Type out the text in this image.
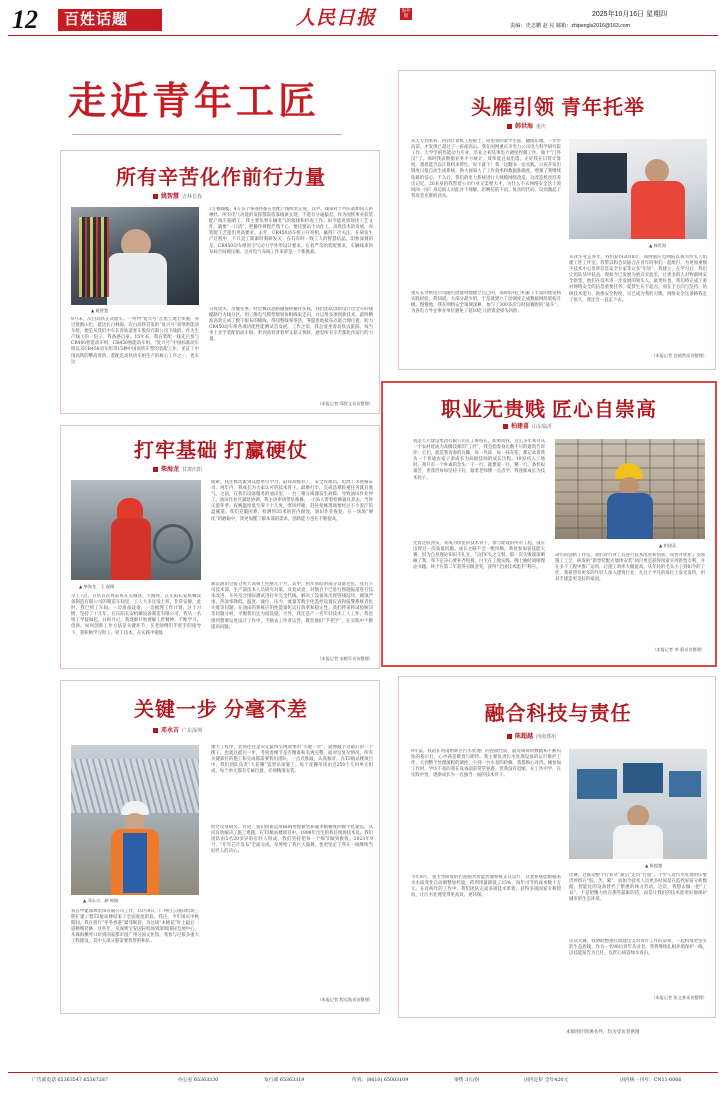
12	百姓话题	人民日报	海外版	2025年10月16日 星期四
责编：史志鹏 赵 晃 邮箱：zhipengls2016@163.com
走近青年工匠
所有辛苦化作前行力量
姚智慧 吉林长春
▲ 姚智慧
9月末，次白高铁正式通车。一列列“复兴号”在黑土地上疾驰，穿过渡鹤山色，抵达长白林海。次白高铁首发的“复兴号”高寒智能动车组，便是从我们中车长春轨道客车股份有限公司下线的。作为生产线上的一份子，我备感自豪。15年来，我在装配一线先后参与CR400智能动车组、CR450智能动车组、“复兴号”中国标准动车组以及CR450动车组等15种中国高铁车型的装配工作，见证了中国高铁的攀高进阶。装配是高铁动车组生产的核心工序之一，也车这
2万根线缆、4万多个零部件都在装配产线组装完成。其中，线束对于列车就如同人的神经。所有电气功能的发挥都需依靠线束实现，不能有分毫偏差。作为国铁事业获装配产线车脑哨工，我主要从事车辆电气的接线和检查工作。如今能说到现述工艺文件，就要“一口清”，把操作规程烂熟于心，要托要站个动作上。高铁技术的发展，对装配工艺提出更高要求。去年，CR450动车组公开亮相，赢得广泛关注。在研发生产过程中，不只是工期紧时刻研发关；在有有时一线工人的智慧结晶，印象深刻的是，CR450动车组的空气动力学外形设计要求，在看严苛的装配要求，车辆线束的布局空间被压缩，这对电气布线工作来讲是一个新挑战。
日夜攻关，反覆实事。经过数次思路碰撞和操作实践，我们团队创新设计出全车的线缆路行力线分区，用三维电气模型规划每根线束走向，并运用多项创新技术，最终精准高效完成了数千根布的铺线，得知整线零零活，零隐患地接布点最合理位置。助力CR450动车组各项功能性能测试首发展。工作之余，我总爱坐着高铁去旅游。每当坐上亲手装配的动车组，听到高铁背着犁又稳又快时，感觉所有辛苦都化作前行的力量。
（本报记者 郑智文采访整理）
打牢基础 打赢硬仗
柴海龙 甘肃庆阳
▲ 柴海龙、王 琨摄
早上7点，日常首次周前班在庆城县，天刚亮。在庆阳长安机械设备制造有限公司的制造车间里，工人大多还没上班，非常安静，此时，我已到了车间，一边准备设备，一边梳理工作计划。这个习惯，坚持了十几年。在庆阳长安机械设备制造有限公司，我从一名钳工学徒做起，日积月记，我逐渐开始理解工匠精神，不断学习、创新。如何创新工作方法是关键环节，在老师傅们手把手的指导下，我积极学习钳工、管工技术，在实践中锻炼
摸索。我还被选派到其他单位学习，取得高级管工、安全管理员、电焊工等资格证书。两年内，我成长为大家认可的技术骨干。最磨打牢，完成急难险重任务就有底气。之前，在我们设备服务的油田里，一台三相分离器发生故障，导致油田作业停工。油田作业区紧急协调，我主动申请带队维修，一行6人带着检修器具奔去。当时正值冬季，夜晚温度低至零下十几度，寒风呼啸，赶往抢修现场要经过不少泥泞的盘溪道。我们克服困难，检测到35米的管内腐蚀，油田作业恢复。在一场场“硬仗”的磨砺中，我更加懂了解本部的需求，创新能力也在不断提高。
那次油田会报分更大高频上托断儿个月，其中，初步高结的部分设备老化，我方公司技术部，生产部技术人员研究对策，反复试验，对数百个已进行图施振道进行技术改进，车外室合国际测试进行并完全代线。解决了设备易出现管线结块、腐蚀严重、热效率降低、温度、液位、压力、流量等数字化监控设置仪表和报警系统者化失败等问题，在油田的系统应用性能量化运行效率和稳定性。我们将来将试验解决等问题分析，平衡我们还为接设施。另外，我还是产一名年轻技术工人工作，我也感到想要运进设计工作中，不断去工作者运营，教会他们“手把手”。在实践中不断提高问题。
（本报记者 宋朝军采访整理）
关键一步 分毫不差
邓永吉 广东深圳
▲ 邓永吉、颜 婷摄
我在中建深圳装饰有限公司工作，10月9日，广州白云国际机场三期扩建工程T3航站楼结束了全面收尾阶段。我还，今年国庆中秋期间，我在客厅“冬冬香港”紧邻吸迎，为这场“木棉花”叶上最后一道精细装修。这些年，从深圳宝安国际机场到深圳国际会展中心，从珠海横琴口岸到国家都市园广州分国文化馆，我参与过很多重大工程建设，其中大部分都需要我带的和队。
重大工程中，装饰往往是决定最终呈现效果的“关键一步”，就像敲下这最后的一个楔子，也就这最后一步，考验着细节是否精准和美观完整。面对这复杂情况，所有关键部位的施工和完成都需要我们团队，一点点推敲，认真核对。在T3航站楼项目中，我们团队负责“大花瓣”造型吊顶施工。每个花瓣吊顶由近250个几何单元组成，每个单元都有专属位置，必须精准安装。
经过反复研究，讨论，我们创新运用BIM进程模型和毫米级精度的数字化建造，从而有效解决了施工难题。在T3航站楼项目中，1999年出生的我任现场技术员。我们团队由5名20多岁的年轻人组成，我们坚持把每一个细节做到极致。2023年9月，“年年芯片发布”全面完成。荣誉给了我巨大鼓舞，也更坚定了我在一线继续当好匠人的决心。
（本报记者 程远航采访整理）
头雁引领 青年托举
韩世海 重庆
从大专到本科，再到计算机工程硕士，回望我的求学生涯，翻阅东地，一步步向前，才发现已超过了一座座高山。我在国网重庆市电力公司电力科学研究院工作。大学学的热能动力专业，毕业之初从事电力调度控制工作，做个“门外汉”了。那时我表数据业务平方统计，效率低且易出错。正好我在日常计算机，想着能否以计算机来帮忙。说干就干！我一边翻书一边实践，日夜开发出调度日报自动生成系统。换大视离人了工作效率和数据准确度，增强了我继续钻研的信心。不久后，我们的电力系统进行大规模网络改造，这改造机也培养出记忆，20来岁的我带着公司行业又需要大才，为什么不去网络安全这个领域闯一闯？身边的人对此并不理解，但晚信的不语。复杂的代码，反而激起了我攻坚克难的劲头。
重庆长寿供电公司随后批准特地建立自己的，那时的我已积累了丰富的理论和实践经验，我知道，大部分最少的，于是就建立了动调度完成数据网络架构升级。慢慢地，我在网络安全领域深耕，参与了300多次与时间赛跑的“战斗”，为各电力外企事业单位避免了超10亿元的资金损失风险。
▲ 韩世海
从我毕业走各年，我们获得2018年，国网重庆电网院以我为带头人组建工匠工作室。我带以和会员通合在青年同事们一起组打。为更加重数字技术中心里涉信息安全专家等众多“年轻”，我建立，在学习后，我们让团队从中获益，现如今已发展为重点实验室，让更多的人对物联网安全新型，他们在技术进一步发展的领头人，最更好也，我们将完成了重对网络安全的信息重要任务。夏梦生在于起点，而在于方向与坚持，钻研技术能力、助推安全程度，早已成为我的习惯。网络安全这条路我走了很久，我还会一直走下去。
（本报记者 沈靖然采访整理）
职业无贵贱 匠心自崇高
柏建喜 山东临沂
我是天元建设集团有限公司瓦工班班长，如果同我，这么多年我有从一个农村娃成为高级技师的“工匠”，我会指着身边数不尽的建筑告诉你：它们，就是我青春的注脚，每一块砖，每一抹灰浆，都记录着我从一个普通农家子弟成长为高级技师的成长历程。19岁初入工地时，我只有一个朴素的念头：干一行，就要爱一行，精一行，条件很艰苦，但我仍每每坚持干好，跟着老师傅一点点学。我逐渐成长为技术骨干。
凭着这股劲头，我成为班里的技术骨干，参与建设的所有工程，没有出现过一次质量问题。成长之路不会一帆风顺。我曾参加省技能大赛，因为自身理论知识不扎实，与冠军失之交臂。那一次失败深深刺痛了我，我下定决心要补齐短板。白天在工地实践，晚上抽时间啃理论书籍。终于在第二年获得省级金奖，获得“全国技术能手”称号。
▲ 柏建喜
命名的创新工作室，我们对行业工具进行技术改进和创新，改善并优化了多项施工工艺，研发的“新型装配式墙体安装”项目更是获得国家实用新型专利，并在多个工程中推广运用，让施工效率大幅提高。从年轻的毛头小子到如今的工匠，我希望有更多的年轻人加入建筑行业，在这个平凡的岗位上发光发热，用双手建造更美好的家园。
（本报记者 李 莉采访整理）
融合科技与责任
陈超越 河南郑州
9年前，我站在河南州新区污水处理厂的控制台前，面对满屏的数据和不断闪烁的指示灯，心中满是敬畏与期待。我主要负责污水处理设备的运行维护工作，大到整个处理流程的调控，小到一台水泵的检修，我都细心对待。刚参加工作时，学历不高的我在设备面前常常犯难。但我没有退缩，在工作中学，在实践中悟，逐渐成长为一名独当一面的技术骨干。
今年9月，我主导研发的污泥脱水智能控制系统正式运行，这套系统能根据来水水质变化自动调整加药量，药剂用量降低了15%，每年可节约成本数十万元。在近两年的工作中，我们团队完成多项技术革新，获得多项国家专利授权，让污水处理变得更高效、更环保。
▲ 陈超越
比赛，这推动整个行业从“最后”走向“台面”。不少人对污水处理的印象仍停留在“脏、苦、累”，而如今技术人员更多时间是在监控屏前分析数据，智能化的设备替代了繁重的体力劳动。这次，我想去做一把“工具”，不是把精力放在那些最累的活，而是让我们的技术能更好地保护城市的生态环境。
这次大赛，我协助整理在组建这支对青年工作的前辈，一起构筑更坚实的生态底线。作为一名90后青年从业者，我将继续扎根环境保护一线，以技能报告为己任，以匠心铸造绿水青山。
（本报记者 张文豪采访整理）
本版图片除署名外，均为受访者供图
广告部电话 65363547 65367287	办公室 65363330	发行部 65363319	传真：(8610) 65003109	零售 3元/份	国内定价 全年420元	国内统一刊号：CN11-0066
